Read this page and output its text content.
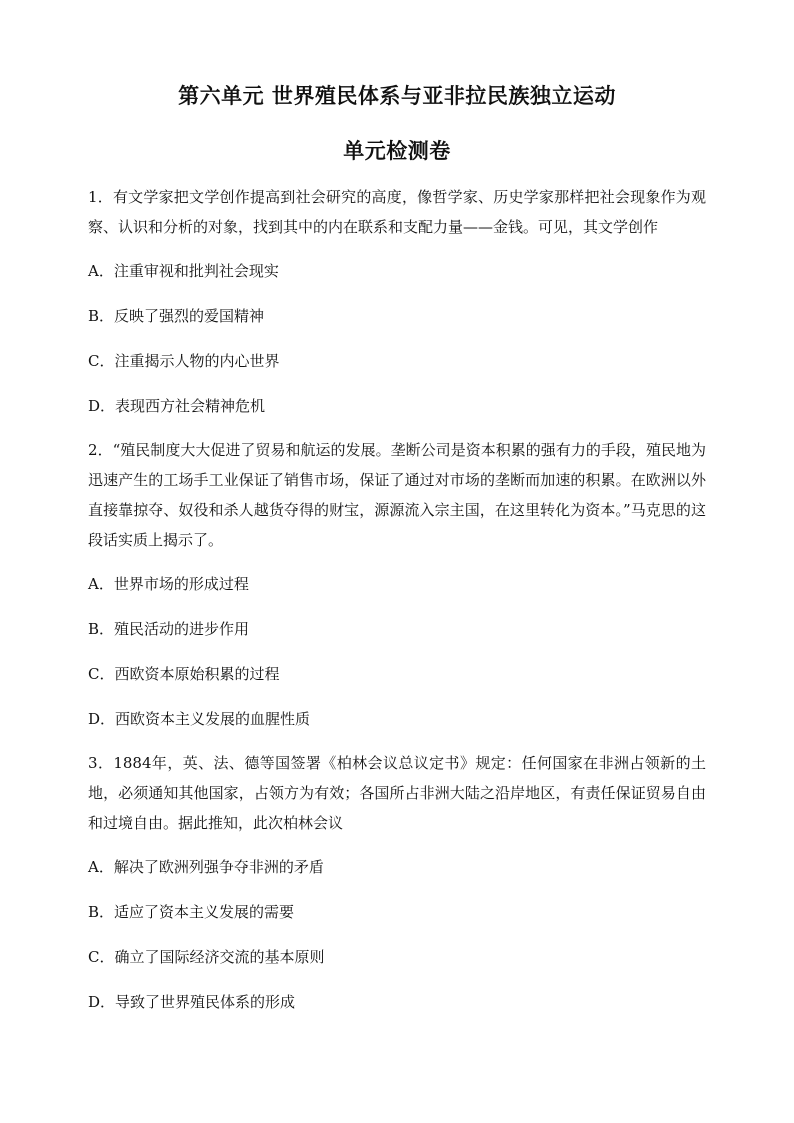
第六单元 世界殖民体系与亚非拉民族独立运动
单元检测卷

1．有文学家把文学创作提高到社会研究的高度，像哲学家、历史学家那样把社会现象作为观察、认识和分析的对象，找到其中的内在联系和支配力量——金钱。可见，其文学创作

A．注重审视和批判社会现实

B．反映了强烈的爱国精神

C．注重揭示人物的内心世界

D．表现西方社会精神危机

2．“殖民制度大大促进了贸易和航运的发展。垄断公司是资本积累的强有力的手段，殖民地为迅速产生的工场手工业保证了销售市场，保证了通过对市场的垄断而加速的积累。在欧洲以外直接靠掠夺、奴役和杀人越货夺得的财宝，源源流入宗主国，在这里转化为资本。”马克思的这段话实质上揭示了。

A．世界市场的形成过程

B．殖民活动的进步作用

C．西欧资本原始积累的过程

D．西欧资本主义发展的血腥性质

3．1884年，英、法、德等国签署《柏林会议总议定书》规定：任何国家在非洲占领新的土地，必须通知其他国家，占领方为有效；各国所占非洲大陆之沿岸地区，有责任保证贸易自由和过境自由。据此推知，此次柏林会议

A．解决了欧洲列强争夺非洲的矛盾

B．适应了资本主义发展的需要

C．确立了国际经济交流的基本原则

D．导致了世界殖民体系的形成
